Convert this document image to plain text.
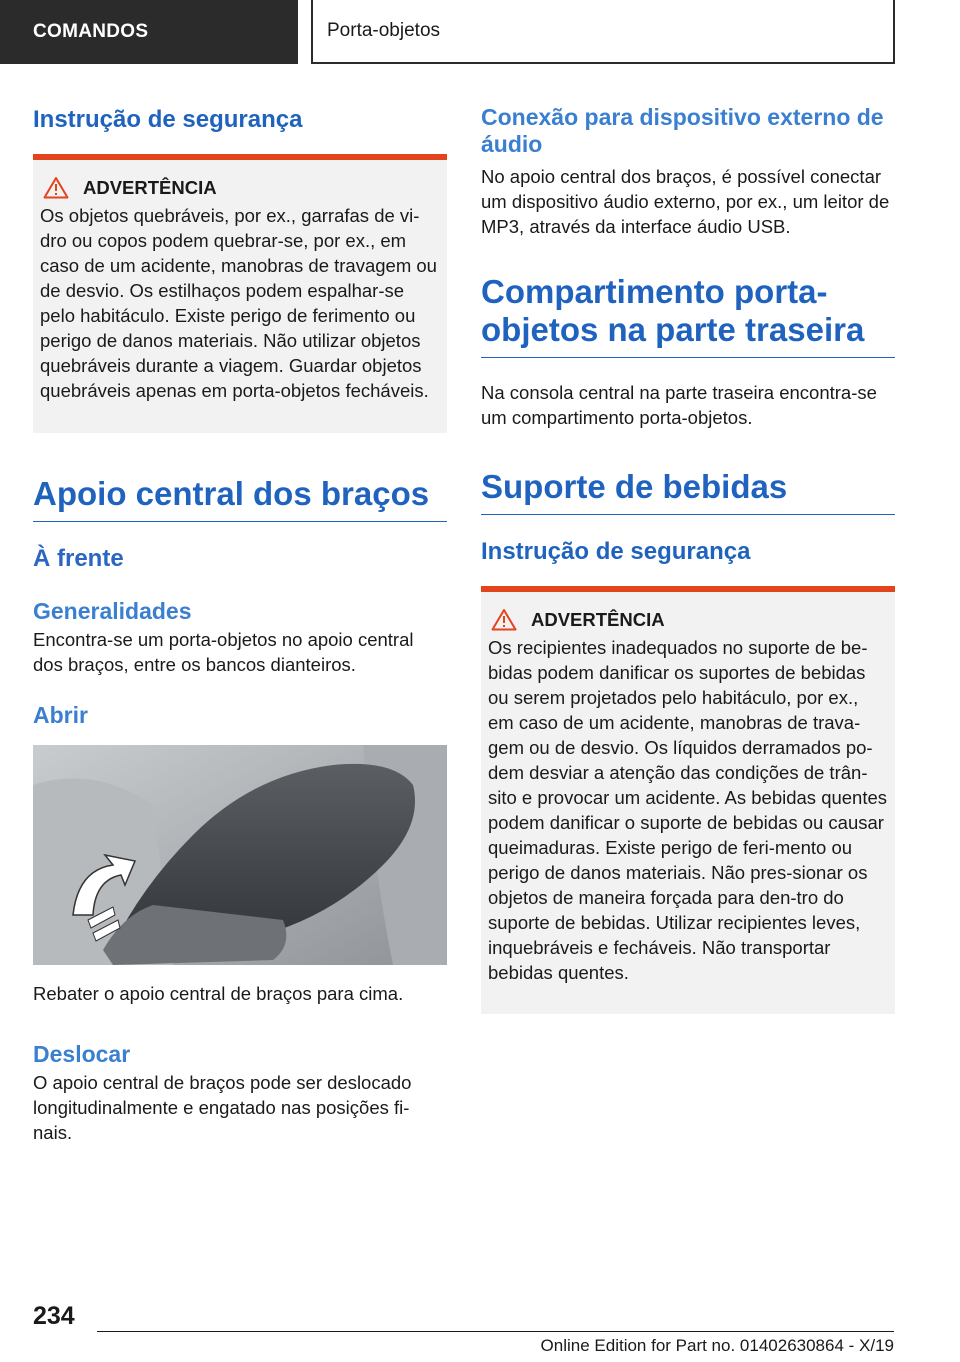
COMANDOS	Porta-objetos
Instrução de segurança
ADVERTÊNCIA

Os objetos quebráveis, por ex., garrafas de vi-dro ou copos podem quebrar-se, por ex., em caso de um acidente, manobras de travagem ou de desvio. Os estilhaços podem espalhar-se pelo habitáculo. Existe perigo de ferimento ou perigo de danos materiais. Não utilizar objetos quebráveis durante a viagem. Guardar objetos quebráveis apenas em porta-objetos fecháveis.

Apoio central dos braços
À frente
Generalidades

Encontra-se um porta-objetos no apoio central dos braços, entre os bancos dianteiros.

Abrir

Rebater o apoio central de braços para cima.

Deslocar

O apoio central de braços pode ser deslocado longitudinalmente e engatado nas posições fi-nais.

Conexão para dispositivo externo de áudio

No apoio central dos braços, é possível conectar um dispositivo áudio externo, por ex., um leitor de MP3, através da interface áudio USB.

Compartimento porta-objetos na parte traseira

Na consola central na parte traseira encontra-se um compartimento porta-objetos.

Suporte de bebidas
Instrução de segurança
ADVERTÊNCIA

Os recipientes inadequados no suporte de be-bidas podem danificar os suportes de bebidas ou serem projetados pelo habitáculo, por ex., em caso de um acidente, manobras de trava-gem ou de desvio. Os líquidos derramados po-dem desviar a atenção das condições de trân-sito e provocar um acidente. As bebidas quentes podem danificar o suporte de bebidas ou causar queimaduras. Existe perigo de feri-mento ou perigo de danos materiais. Não pres-sionar os objetos de maneira forçada para den-tro do suporte de bebidas. Utilizar recipientes leves, inquebráveis e fecháveis. Não transportar bebidas quentes.

234
Online Edition for Part no. 01402630864 - X/19
